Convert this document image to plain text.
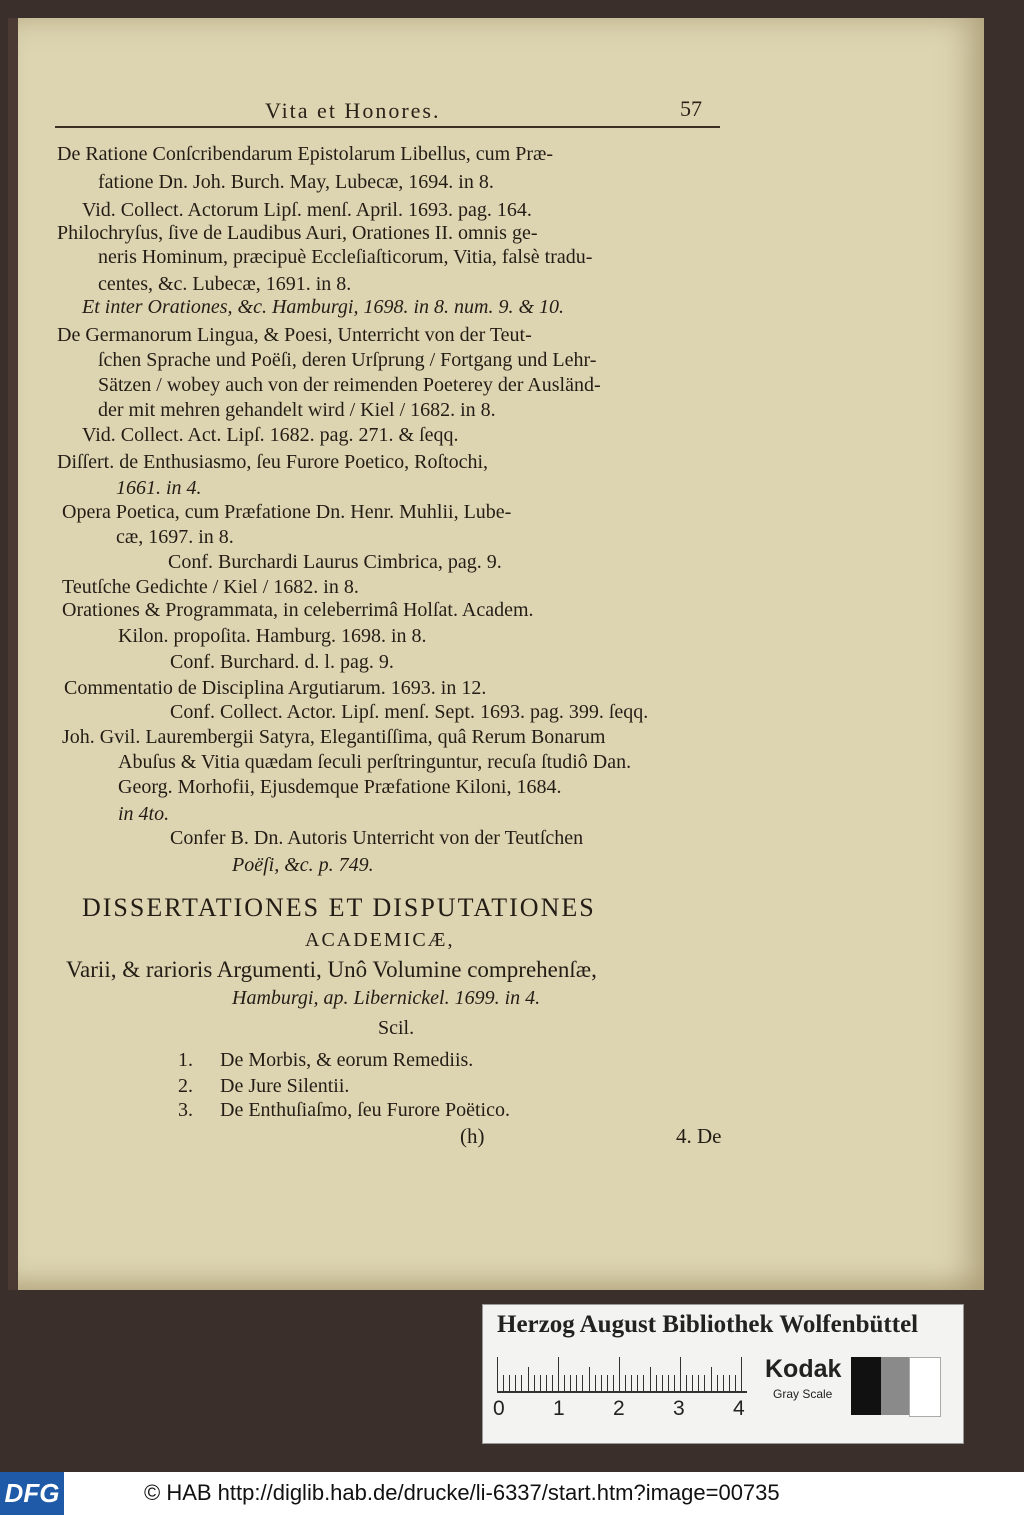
Vita et Honores.	57
De Ratione Conſcribendarum Epistolarum Libellus, cum Præ-
fatione Dn. Joh. Burch. May, Lubecæ, 1694. in 8.
Vid. Collect. Actorum Lipſ. menſ. April. 1693. pag. 164.
Philochryſus, ſive de Laudibus Auri, Orationes II. omnis ge-
neris Hominum, præcipuè Eccleſiaſticorum, Vitia, falsè tradu-
centes, &c. Lubecæ, 1691. in 8.
Et inter Orationes, &c. Hamburgi, 1698. in 8. num. 9. & 10.
De Germanorum Lingua, & Poesi, Unterricht von der Teut-
ſchen Sprache und Poëſi, deren Urſprung / Fortgang und Lehr-
Sätzen / wobey auch von der reimenden Poeterey der Ausländ-
der mit mehren gehandelt wird / Kiel / 1682. in 8.
Vid. Collect. Act. Lipſ. 1682. pag. 271. & ſeqq.
Diſſert. de Enthusiasmo, ſeu Furore Poetico, Roſtochi,
1661. in 4.
Opera Poetica, cum Præfatione Dn. Henr. Muhlii, Lube-
cæ, 1697. in 8.
Conf. Burchardi Laurus Cimbrica, pag. 9.
Teutſche Gedichte / Kiel / 1682. in 8.
Orationes & Programmata, in celeberrimâ Holſat. Academ.
Kilon. propoſita. Hamburg. 1698. in 8.
Conf. Burchard. d. l. pag. 9.
Commentatio de Disciplina Argutiarum. 1693. in 12.
Conf. Collect. Actor. Lipſ. menſ. Sept. 1693. pag. 399. ſeqq.
Joh. Gvil. Laurembergii Satyra, Elegantiſſima, quâ Rerum Bonarum
Abuſus & Vitia quædam ſeculi perſtringuntur, recuſa ſtudiô Dan.
Georg. Morhofii, Ejusdemque Præfatione Kiloni, 1684.
in 4to.
Confer B. Dn. Autoris Unterricht von der Teutſchen
Poëſi, &c. p. 749.
DISSERTATIONES ET DISPUTATIONES
ACADEMICÆ,
Varii, & rarioris Argumenti, Unô Volumine comprehenſæ,
Hamburgi, ap. Libernickel. 1699. in 4.
Scil.
1. De Morbis, & eorum Remediis.
2. De Jure Silentii.
3. De Enthuſiaſmo, ſeu Furore Poëtico.
(h)	4. De
Herzog August Bibliothek Wolfenbüttel
0 1 2 3 4
Kodak
Gray Scale
DFG	© HAB http://diglib.hab.de/drucke/li-6337/start.htm?image=00735
